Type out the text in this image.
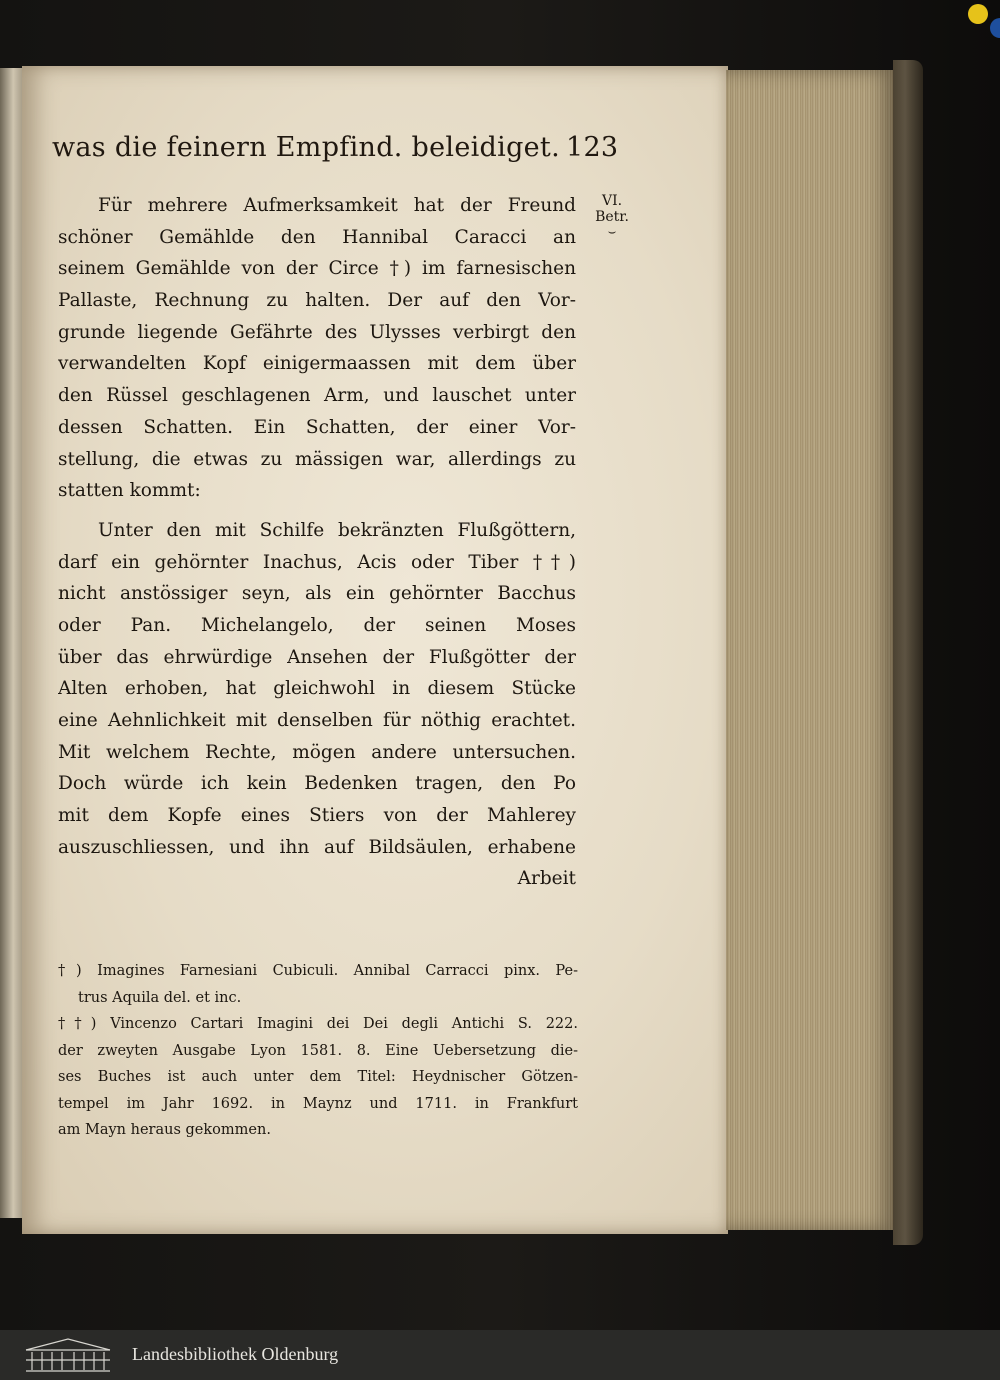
was die feinern Empfind. beleidiget. 123
VI.
Betr.
⌣
Für mehrere Aufmerksamkeit hat der Freund
schöner Gemählde den Hannibal Caracci an
seinem Gemählde von der Circe †) im farnesischen
Pallaste, Rechnung zu halten. Der auf den Vor-
grunde liegende Gefährte des Ulysses verbirgt den
verwandelten Kopf einigermaassen mit dem über
den Rüssel geschlagenen Arm, und lauschet unter
dessen Schatten. Ein Schatten, der einer Vor-
stellung, die etwas zu mässigen war, allerdings zu
statten kommt:
Unter den mit Schilfe bekränzten Flußgöttern,
darf ein gehörnter Inachus, Acis oder Tiber ††)
nicht anstössiger seyn, als ein gehörnter Bacchus
oder Pan. Michelangelo, der seinen Moses
über das ehrwürdige Ansehen der Flußgötter der
Alten erhoben, hat gleichwohl in diesem Stücke
eine Aehnlichkeit mit denselben für nöthig erachtet.
Mit welchem Rechte, mögen andere untersuchen.
Doch würde ich kein Bedenken tragen, den Po
mit dem Kopfe eines Stiers von der Mahlerey
auszuschliessen, und ihn auf Bildsäulen, erhabene
Arbeit
†) Imagines Farnesiani Cubiculi. Annibal Carracci pinx. Pe-
trus Aquila del. et inc.
††) Vincenzo Cartari Imagini dei Dei degli Antichi S. 222.
der zweyten Ausgabe Lyon 1581. 8. Eine Uebersetzung die-
ses Buches ist auch unter dem Titel: Heydnischer Götzen-
tempel im Jahr 1692. in Maynz und 1711. in Frankfurt
am Mayn heraus gekommen.
Landesbibliothek Oldenburg
